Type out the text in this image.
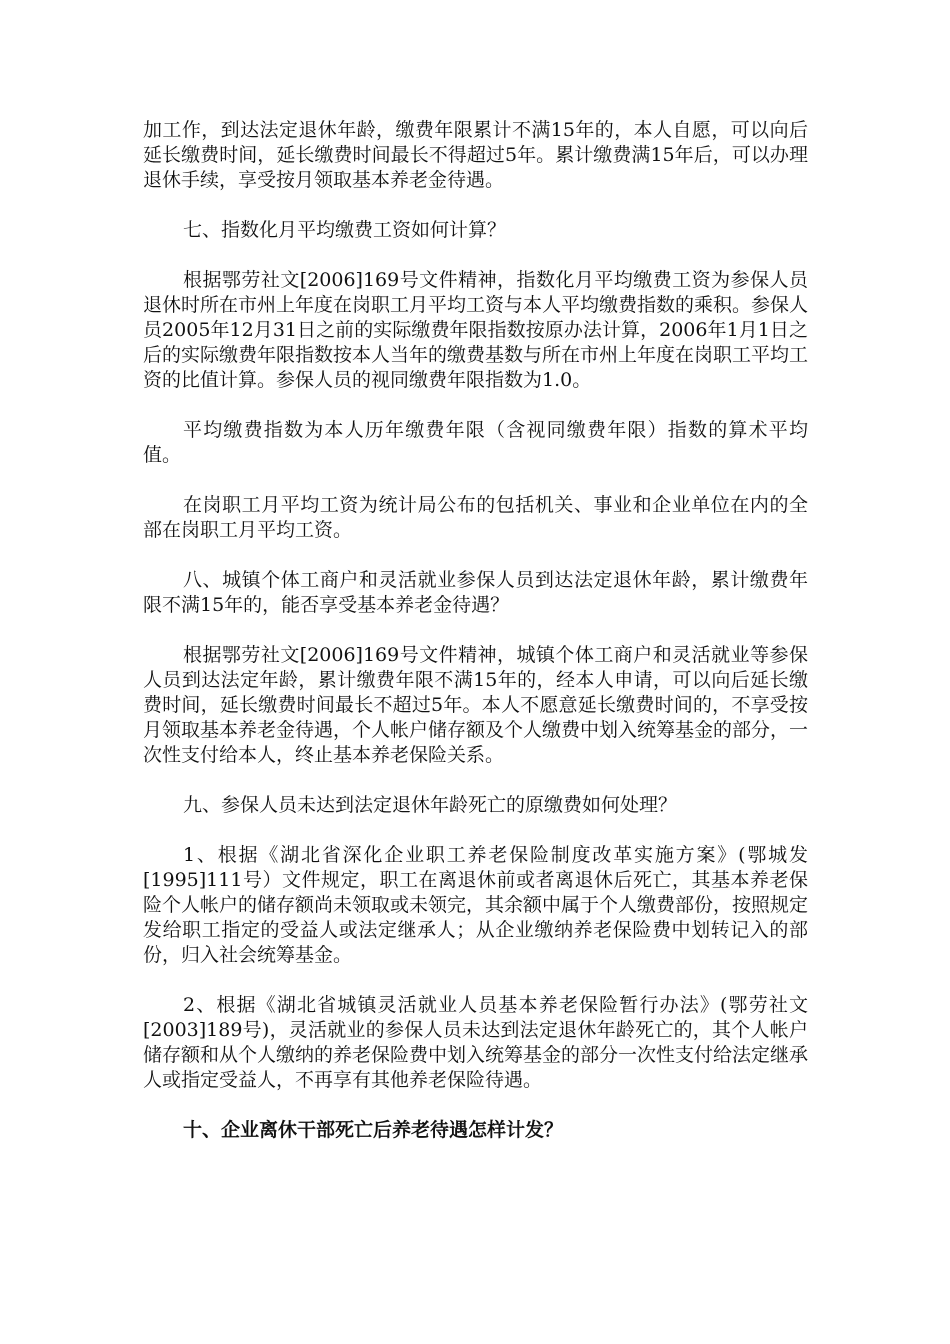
加工作，到达法定退休年龄，缴费年限累计不满15年的，本人自愿，可以向后延长缴费时间，延长缴费时间最长不得超过5年。累计缴费满15年后，可以办理退休手续，享受按月领取基本养老金待遇。

七、指数化月平均缴费工资如何计算？

根据鄂劳社文[2006]169号文件精神，指数化月平均缴费工资为参保人员退休时所在市州上年度在岗职工月平均工资与本人平均缴费指数的乘积。参保人员2005年12月31日之前的实际缴费年限指数按原办法计算，2006年1月1日之后的实际缴费年限指数按本人当年的缴费基数与所在市州上年度在岗职工平均工资的比值计算。参保人员的视同缴费年限指数为1.0。

平均缴费指数为本人历年缴费年限（含视同缴费年限）指数的算术平均值。

在岗职工月平均工资为统计局公布的包括机关、事业和企业单位在内的全部在岗职工月平均工资。

八、城镇个体工商户和灵活就业参保人员到达法定退休年龄，累计缴费年限不满15年的，能否享受基本养老金待遇？

根据鄂劳社文[2006]169号文件精神，城镇个体工商户和灵活就业等参保人员到达法定年龄，累计缴费年限不满15年的，经本人申请，可以向后延长缴费时间，延长缴费时间最长不超过5年。本人不愿意延长缴费时间的，不享受按月领取基本养老金待遇，个人帐户储存额及个人缴费中划入统筹基金的部分，一次性支付给本人，终止基本养老保险关系。

九、参保人员未达到法定退休年龄死亡的原缴费如何处理？

1、根据《湖北省深化企业职工养老保险制度改革实施方案》(鄂城发[1995]111号）文件规定，职工在离退休前或者离退休后死亡，其基本养老保险个人帐户的储存额尚未领取或未领完，其余额中属于个人缴费部份，按照规定发给职工指定的受益人或法定继承人；从企业缴纳养老保险费中划转记入的部份，归入社会统筹基金。

2、根据《湖北省城镇灵活就业人员基本养老保险暂行办法》(鄂劳社文[2003]189号)，灵活就业的参保人员未达到法定退休年龄死亡的，其个人帐户储存额和从个人缴纳的养老保险费中划入统筹基金的部分一次性支付给法定继承人或指定受益人，不再享有其他养老保险待遇。

十、企业离休干部死亡后养老待遇怎样计发？
